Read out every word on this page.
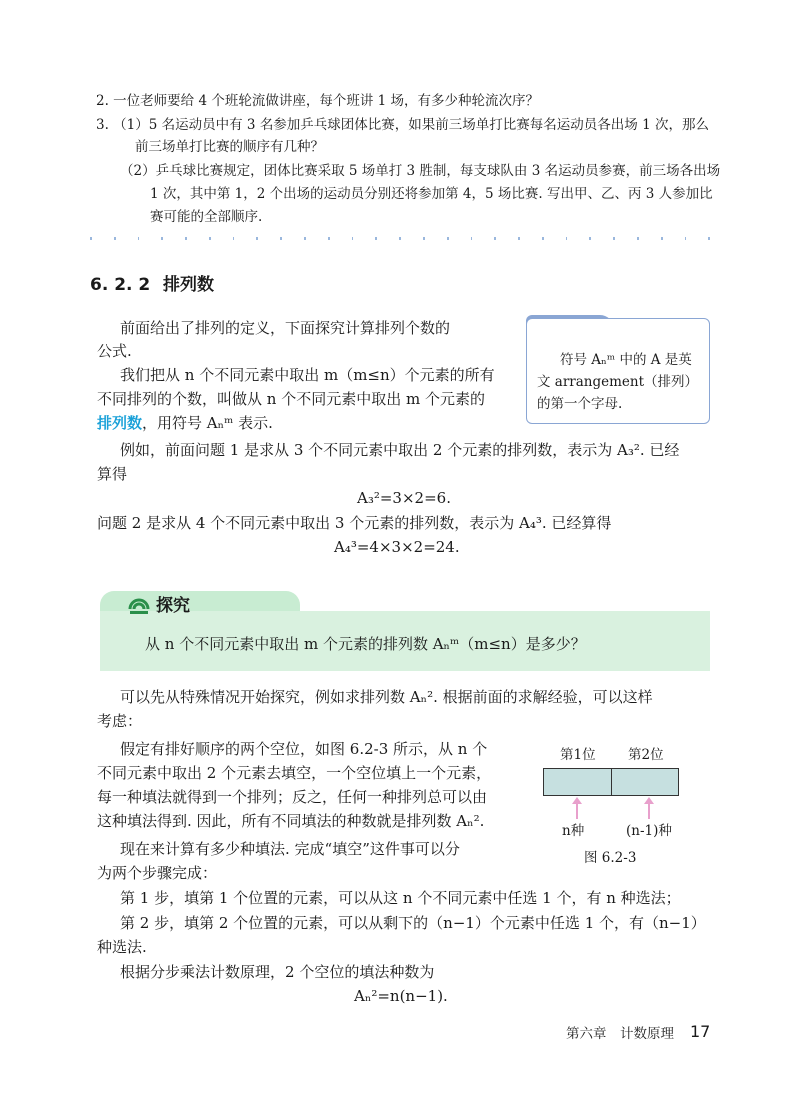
2. 一位老师要给 4 个班轮流做讲座，每个班讲 1 场，有多少种轮流次序？
3. （1）5 名运动员中有 3 名参加乒乓球团体比赛，如果前三场单打比赛每名运动员各出场 1 次，那么
前三场单打比赛的顺序有几种？
（2）乒乓球比赛规定，团体比赛采取 5 场单打 3 胜制，每支球队由 3 名运动员参赛，前三场各出场
1 次，其中第 1，2 个出场的运动员分别还将参加第 4，5 场比赛. 写出甲、乙、丙 3 人参加比
赛可能的全部顺序.
6. 2. 2 排列数
前面给出了排列的定义，下面探究计算排列个数的
公式.
我们把从 n 个不同元素中取出 m（m≤n）个元素的所有
不同排列的个数，叫做从 n 个不同元素中取出 m 个元素的
排列数，用符号 Aₙᵐ 表示.
符号 Aₙᵐ 中的 A 是英
文 arrangement（排列）
的第一个字母.
例如，前面问题 1 是求从 3 个不同元素中取出 2 个元素的排列数，表示为 A₃². 已经
算得
A₃²=3×2=6.
问题 2 是求从 4 个不同元素中取出 3 个元素的排列数，表示为 A₄³. 已经算得
A₄³=4×3×2=24.
探究
从 n 个不同元素中取出 m 个元素的排列数 Aₙᵐ（m≤n）是多少？
可以先从特殊情况开始探究，例如求排列数 Aₙ². 根据前面的求解经验，可以这样
考虑：
假定有排好顺序的两个空位，如图 6.2-3 所示，从 n 个
不同元素中取出 2 个元素去填空，一个空位填上一个元素，
每一种填法就得到一个排列；反之，任何一种排列总可以由
这种填法得到. 因此，所有不同填法的种数就是排列数 Aₙ².
第1位 第2位
n种	(n-1)种
图 6.2-3
现在来计算有多少种填法. 完成“填空”这件事可以分
为两个步骤完成：
第 1 步，填第 1 个位置的元素，可以从这 n 个不同元素中任选 1 个，有 n 种选法；
第 2 步，填第 2 个位置的元素，可以从剩下的（n−1）个元素中任选 1 个，有（n−1）
种选法.
根据分步乘法计数原理，2 个空位的填法种数为
Aₙ²=n(n−1).
第六章　计数原理 17
